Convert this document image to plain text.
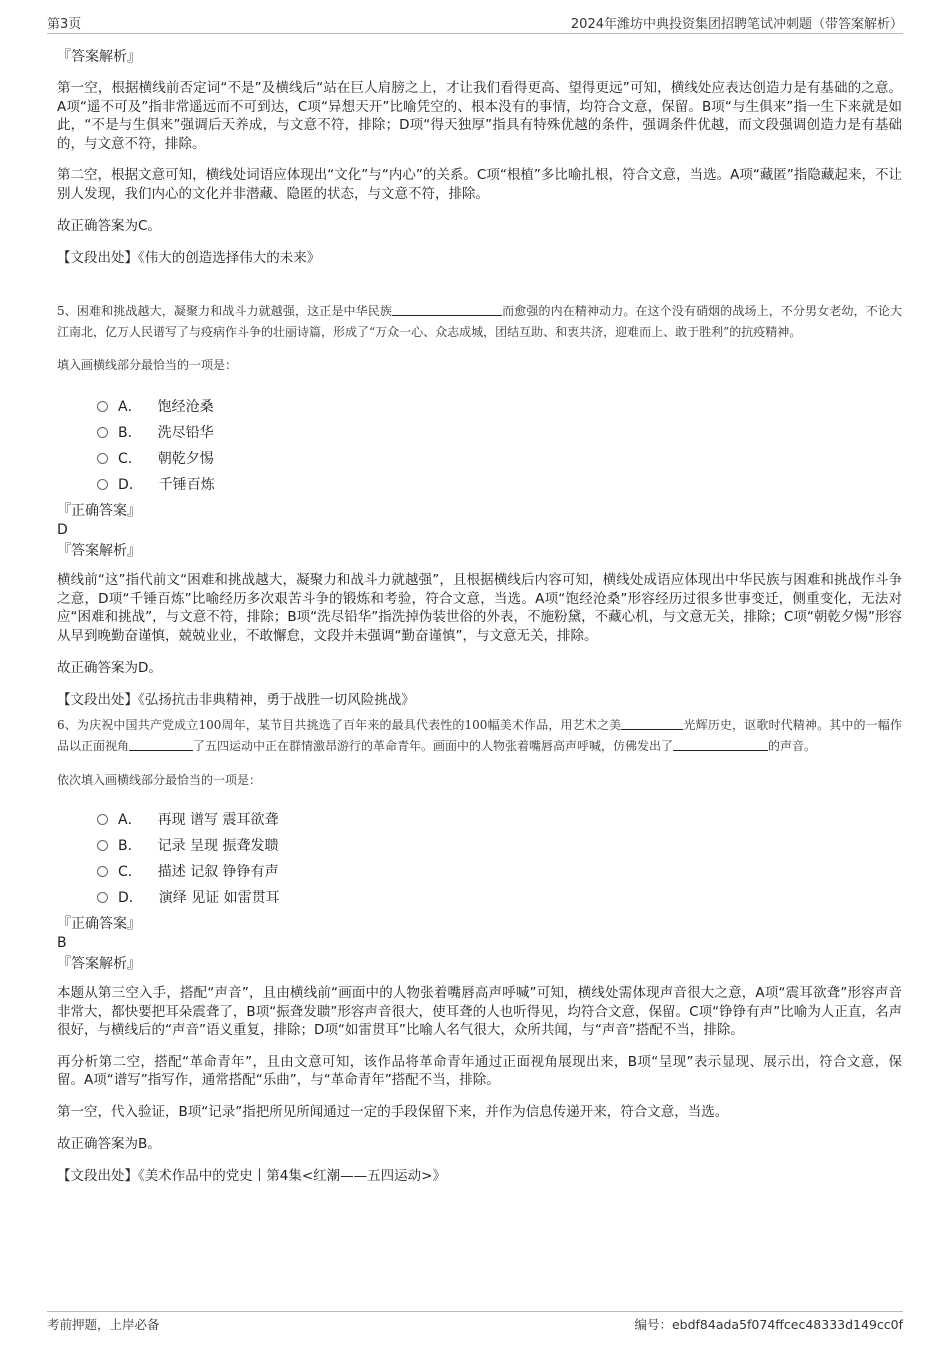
第3页	2024年潍坊中典投资集团招聘笔试冲刺题（带答案解析）
『答案解析』

第一空，根据横线前否定词“不是”及横线后“站在巨人肩膀之上，才让我们看得更高、望得更远”可知，横线处应表达创造力是有基础的之意。A项“遥不可及”指非常遥远而不可到达，C项“异想天开”比喻凭空的、根本没有的事情，均符合文意，保留。B项“与生俱来”指一生下来就是如此，“不是与生俱来”强调后天养成，与文意不符，排除；D项“得天独厚”指具有特殊优越的条件，强调条件优越，而文段强调创造力是有基础的，与文意不符，排除。

第二空，根据文意可知，横线处词语应体现出“文化”与“内心”的关系。C项“根植”多比喻扎根，符合文意，当选。A项“藏匿”指隐藏起来，不让别人发现，我们内心的文化并非潜藏、隐匿的状态，与文意不符，排除。

故正确答案为C。

【文段出处】《伟大的创造选择伟大的未来》

5、困难和挑战越大，凝聚力和战斗力就越强，这正是中华民族	而愈强的内在精神动力。在这个没有硝烟的战场上，不分男女老幼，不论大江南北，亿万人民谱写了与疫病作斗争的壮丽诗篇，形成了“万众一心、众志成城，团结互助、和衷共济，迎难而上、敢于胜利”的抗疫精神。

填入画横线部分最恰当的一项是：

A． 饱经沧桑
B． 洗尽铅华
C． 朝乾夕惕
D． 千锤百炼
『正确答案』
D
『答案解析』

横线前“这”指代前文“困难和挑战越大，凝聚力和战斗力就越强”，且根据横线后内容可知，横线处成语应体现出中华民族与困难和挑战作斗争之意，D项“千锤百炼”比喻经历多次艰苦斗争的锻炼和考验，符合文意，当选。A项“饱经沧桑”形容经历过很多世事变迁，侧重变化，无法对应“困难和挑战”，与文意不符，排除；B项“洗尽铅华”指洗掉伪装世俗的外表，不施粉黛，不藏心机，与文意无关，排除；C项“朝乾夕惕”形容从早到晚勤奋谨慎，兢兢业业，不敢懈怠，文段并未强调“勤奋谨慎”，与文意无关，排除。

故正确答案为D。

【文段出处】《弘扬抗击非典精神，勇于战胜一切风险挑战》

6、为庆祝中国共产党成立100周年，某节目共挑选了百年来的最具代表性的100幅美术作品，用艺术之美	光辉历史，讴歌时代精神。其中的一幅作品以正面视角	了五四运动中正在群情激昂游行的革命青年。画面中的人物张着嘴唇高声呼喊，仿佛发出了	的声音。

依次填入画横线部分最恰当的一项是：

A． 再现 谱写 震耳欲聋
B． 记录 呈现 振聋发聩
C． 描述 记叙 铮铮有声
D． 演绎 见证 如雷贯耳
『正确答案』
B
『答案解析』

本题从第三空入手，搭配“声音”，且由横线前“画面中的人物张着嘴唇高声呼喊”可知，横线处需体现声音很大之意，A项“震耳欲聋”形容声音非常大，都快要把耳朵震聋了，B项“振聋发聩”形容声音很大，使耳聋的人也听得见，均符合文意，保留。C项“铮铮有声”比喻为人正直，名声很好，与横线后的“声音”语义重复，排除；D项“如雷贯耳”比喻人名气很大，众所共闻，与“声音”搭配不当，排除。

再分析第二空，搭配“革命青年”，且由文意可知，该作品将革命青年通过正面视角展现出来，B项“呈现”表示显现、展示出，符合文意，保留。A项“谱写”指写作，通常搭配“乐曲”，与“革命青年”搭配不当，排除。

第一空，代入验证，B项“记录”指把所见所闻通过一定的手段保留下来，并作为信息传递开来，符合文意，当选。

故正确答案为B。

【文段出处】《美术作品中的党史丨第4集<红潮——五四运动>》

考前押题，上岸必备	编号：ebdf84ada5f074ffcec48333d149cc0f
